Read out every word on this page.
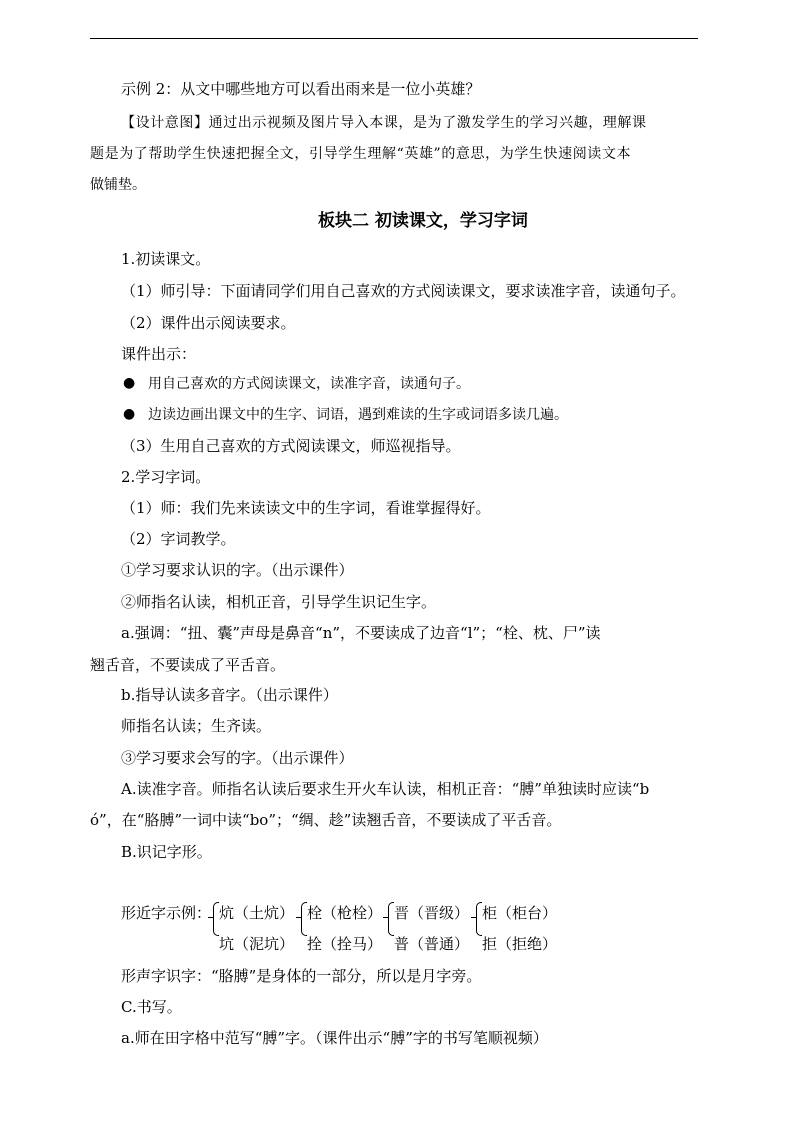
示例 2：从文中哪些地方可以看出雨来是一位小英雄？
【设计意图】通过出示视频及图片导入本课，是为了激发学生的学习兴趣，理解课
题是为了帮助学生快速把握全文，引导学生理解“英雄”的意思，为学生快速阅读文本
做铺垫。
板块二 初读课文，学习字词
1.初读课文。
（1）师引导：下面请同学们用自己喜欢的方式阅读课文，要求读准字音，读通句子。
（2）课件出示阅读要求。
课件出示：
● 用自己喜欢的方式阅读课文，读准字音，读通句子。
● 边读边画出课文中的生字、词语，遇到难读的生字或词语多读几遍。
（3）生用自己喜欢的方式阅读课文，师巡视指导。
2.学习字词。
（1）师：我们先来读读文中的生字词，看谁掌握得好。
（2）字词教学。
①学习要求认识的字。（出示课件）
②师指名认读，相机正音，引导学生识记生字。
a.强调：“扭、囊”声母是鼻音“n”，不要读成了边音“l”；“栓、枕、尸”读
翘舌音，不要读成了平舌音。
b.指导认读多音字。（出示课件）
师指名认读；生齐读。
③学习要求会写的字。（出示课件）
A.读准字音。师指名认读后要求生开火车认读，相机正音：“膊”单独读时应读“b
ó”，在“胳膊”一词中读“bo”；“绸、趁”读翘舌音，不要读成了平舌音。
B.识记字形。
形近字示例： 炕（土炕）
坑（泥坑）
栓（枪栓）
拴（拴马）
晋（晋级）
普（普通）
柜（柜台）
拒（拒绝）
形声字识字：“胳膊”是身体的一部分，所以是月字旁。
C.书写。
a.师在田字格中范写“膊”字。（课件出示“膊”字的书写笔顺视频）
